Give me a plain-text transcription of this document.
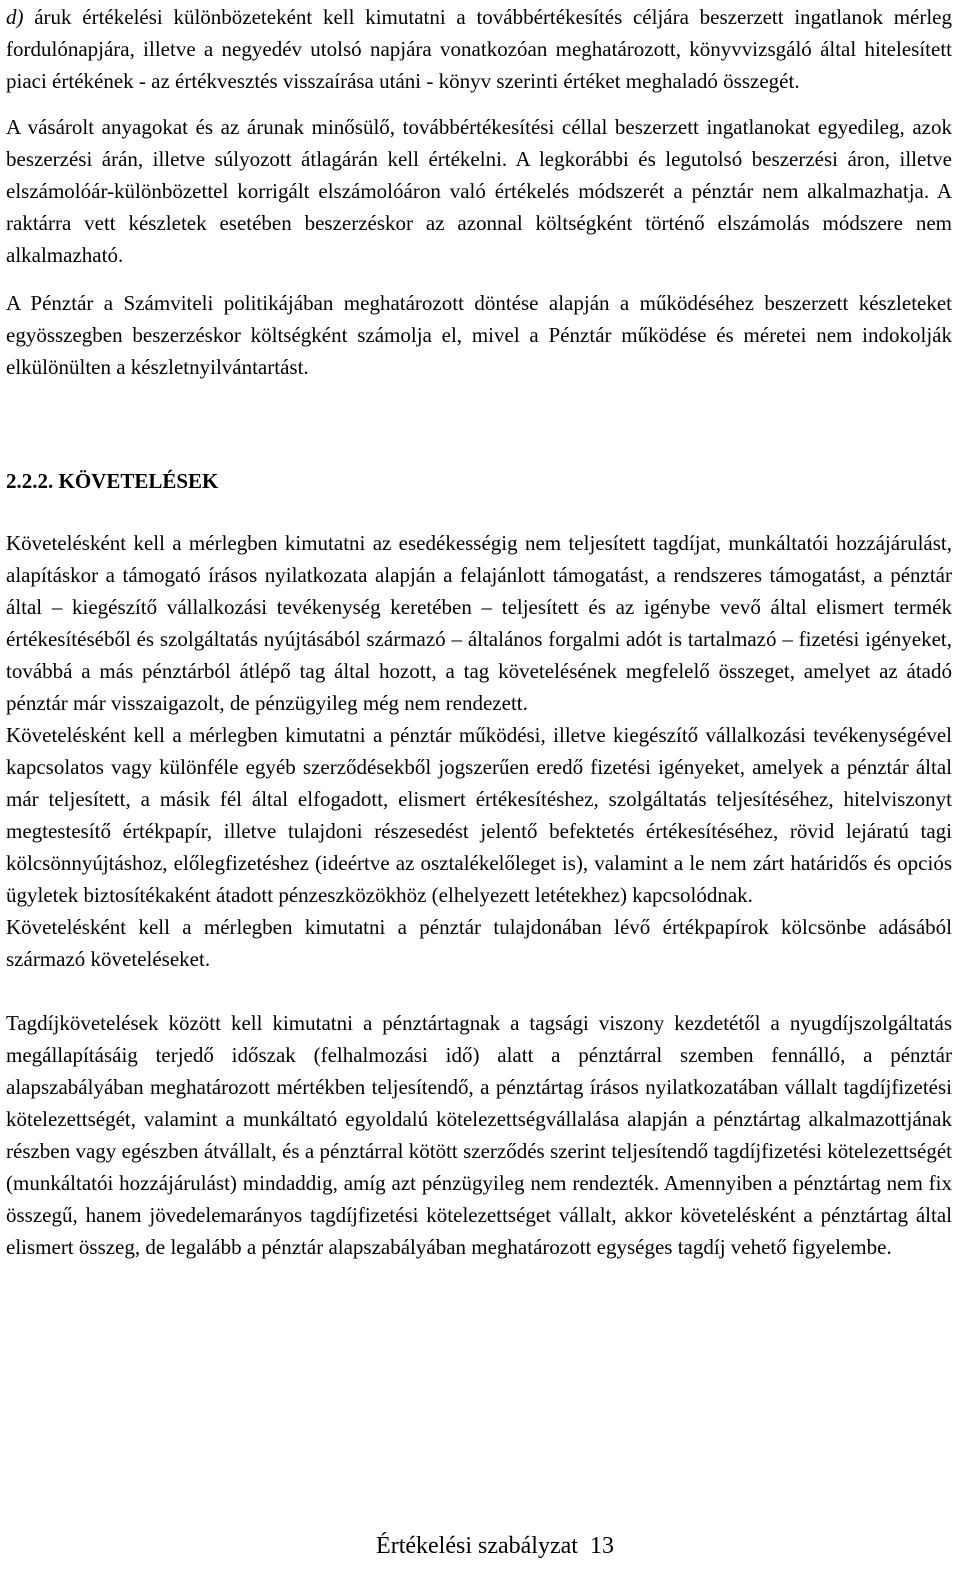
d) áruk értékelési különbözeteként kell kimutatni a továbbértékesítés céljára beszerzett ingatlanok mérleg fordulónapjára, illetve a negyedév utolsó napjára vonatkozóan meghatározott, könyvvizsgáló által hitelesített piaci értékének - az értékvesztés visszaírása utáni - könyv szerinti értéket meghaladó összegét.

A vásárolt anyagokat és az árunak minősülő, továbbértékesítési céllal beszerzett ingatlanokat egyedileg, azok beszerzési árán, illetve súlyozott átlagárán kell értékelni. A legkorábbi és legutolsó beszerzési áron, illetve elszámolóár-különbözettel korrigált elszámolóáron való értékelés módszerét a pénztár nem alkalmazhatja. A raktárra vett készletek esetében beszerzéskor az azonnal költségként történő elszámolás módszere nem alkalmazható.

A Pénztár a Számviteli politikájában meghatározott döntése alapján a működéséhez beszerzett készleteket egyösszegben beszerzéskor költségként számolja el, mivel a Pénztár működése és méretei nem indokolják elkülönülten a készletnyilvántartást.

2.2.2. KÖVETELÉSEK

Követelésként kell a mérlegben kimutatni az esedékességig nem teljesített tagdíjat, munkáltatói hozzájárulást, alapításkor a támogató írásos nyilatkozata alapján a felajánlott támogatást, a rendszeres támogatást, a pénztár által – kiegészítő vállalkozási tevékenység keretében – teljesített és az igénybe vevő által elismert termék értékesítéséből és szolgáltatás nyújtásából származó – általános forgalmi adót is tartalmazó – fizetési igényeket, továbbá a más pénztárból átlépő tag által hozott, a tag követelésének megfelelő összeget, amelyet az átadó pénztár már visszaigazolt, de pénzügyileg még nem rendezett.

Követelésként kell a mérlegben kimutatni a pénztár működési, illetve kiegészítő vállalkozási tevékenységével kapcsolatos vagy különféle egyéb szerződésekből jogszerűen eredő fizetési igényeket, amelyek a pénztár által már teljesített, a másik fél által elfogadott, elismert értékesítéshez, szolgáltatás teljesítéséhez, hitelviszonyt megtestesítő értékpapír, illetve tulajdoni részesedést jelentő befektetés értékesítéséhez, rövid lejáratú tagi kölcsönnyújtáshoz, előlegfizetéshez (ideértve az osztalékelőleget is), valamint a le nem zárt határidős és opciós ügyletek biztosítékaként átadott pénzeszközökhöz (elhelyezett letétekhez) kapcsolódnak.

Követelésként kell a mérlegben kimutatni a pénztár tulajdonában lévő értékpapírok kölcsönbe adásából származó követeléseket.

Tagdíjkövetelések között kell kimutatni a pénztártagnak a tagsági viszony kezdetétől a nyugdíjszolgáltatás megállapításáig terjedő időszak (felhalmozási idő) alatt a pénztárral szemben fennálló, a pénztár alapszabályában meghatározott mértékben teljesítendő, a pénztártag írásos nyilatkozatában vállalt tagdíjfizetési kötelezettségét, valamint a munkáltató egyoldalú kötelezettségvállalása alapján a pénztártag alkalmazottjának részben vagy egészben átvállalt, és a pénztárral kötött szerződés szerint teljesítendő tagdíjfizetési kötelezettségét (munkáltatói hozzájárulást) mindaddig, amíg azt pénzügyileg nem rendezték. Amennyiben a pénztártag nem fix összegű, hanem jövedelemarányos tagdíjfizetési kötelezettséget vállalt, akkor követelésként a pénztártag által elismert összeg, de legalább a pénztár alapszabályában meghatározott egységes tagdíj vehető figyelembe.

Értékelési szabályzat 13
